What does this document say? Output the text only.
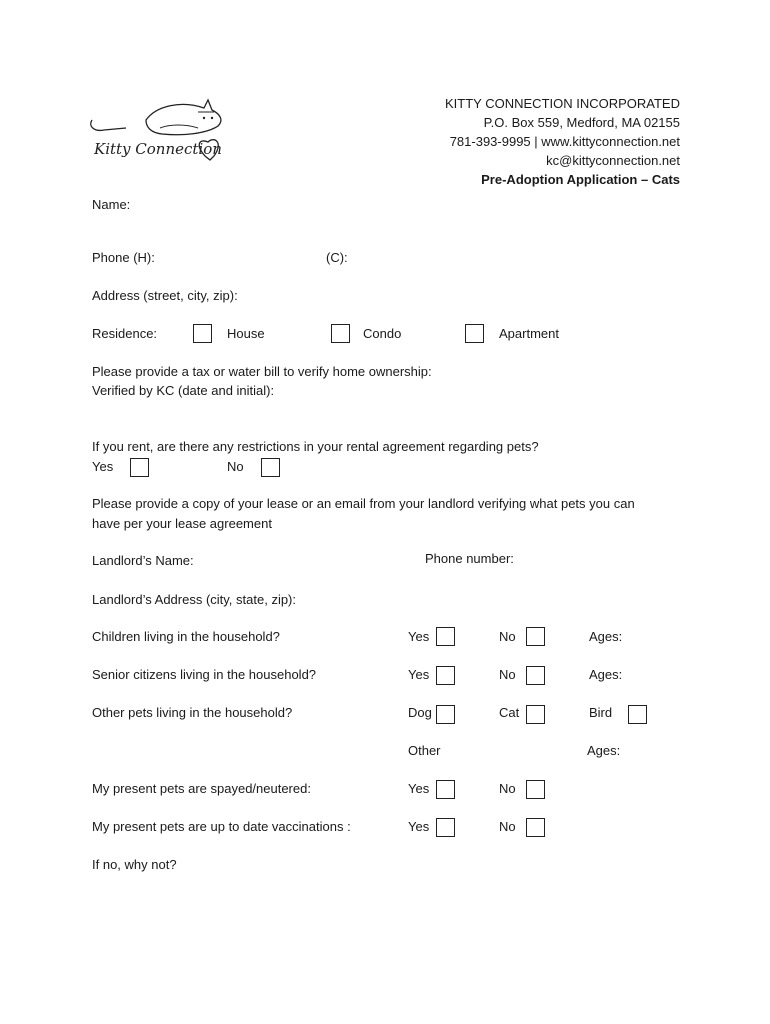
Kitty Connection
KITTY CONNECTION INCORPORATED
P.O. Box 559, Medford, MA 02155
781-393-9995 | www.kittyconnection.net
kc@kittyconnection.net
Pre-Adoption Application – Cats
Name:
Phone (H):	(C):
Address (street, city, zip):
Residence:	House	Condo	Apartment
Please provide a tax or water bill to verify home ownership:
Verified by KC (date and initial):
If you rent, are there any restrictions in your rental agreement regarding pets?
Yes	No
Please provide a copy of your lease or an email from your landlord verifying what pets you can
have per your lease agreement
Landlord’s Name:	Phone number:
Landlord’s Address (city, state, zip):
Children living in the household?	Yes	No	Ages:
Senior citizens living in the household?	Yes	No	Ages:
Other pets living in the household?	Dog	Cat	Bird
Other	Ages:
My present pets are spayed/neutered:	Yes	No
My present pets are up to date vaccinations :	Yes	No
If no, why not?
